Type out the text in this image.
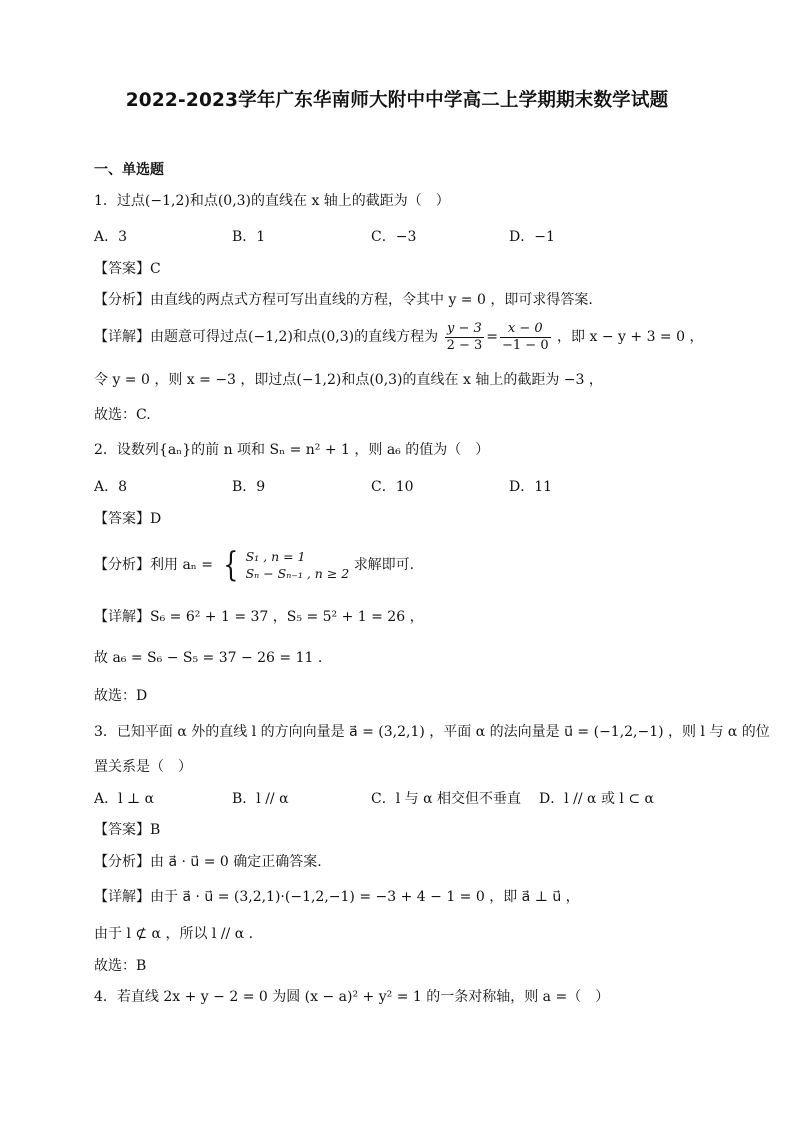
2022-2023学年广东华南师大附中中学高二上学期期末数学试题
一、单选题
1．过点(−1,2)和点(0,3)的直线在 x 轴上的截距为（　）
A．3	B．1	C．−3	D．−1
【答案】C
【分析】由直线的两点式方程可写出直线的方程，令其中 y = 0 ，即可求得答案.
【详解】由题意可得过点(−1,2)和点(0,3)的直线方程为 $\frac{y - 3}{2 - 3} = \frac{x - 0}{-1 - 0}$ ，即 x − y + 3 = 0 ，
令 y = 0 ，则 x = −3 ，即过点(−1,2)和点(0,3)的直线在 x 轴上的截距为 −3 ，
故选：C.
2．设数列{aₙ}的前 n 项和 Sₙ = n² + 1 ，则 a₆ 的值为（　）
A．8	B．9	C．10	D．11
【答案】D
【分析】利用 aₙ = { S₁ , n = 1
Sₙ − Sₙ₋₁ , n ≥ 2
求解即可.
【详解】S₆ = 6² + 1 = 37 ，S₅ = 5² + 1 = 26 ，
故 a₆ = S₆ − S₅ = 37 − 26 = 11 .
故选：D
3．已知平面 α 外的直线 l 的方向向量是 a⃗ = (3,2,1) ，平面 α 的法向量是 u⃗ = (−1,2,−1) ，则 l 与 α 的位
置关系是（　）
A．l ⊥ α	B．l // α	C．l 与 α 相交但不垂直 D．l // α 或 l ⊂ α
【答案】B
【分析】由 a⃗ · u⃗ = 0 确定正确答案.
【详解】由于 a⃗ · u⃗ = (3,2,1)·(−1,2,−1) = −3 + 4 − 1 = 0 ，即 a⃗ ⊥ u⃗ ，
由于 l ⊄ α ，所以 l // α .
故选：B
4．若直线 2x + y − 2 = 0 为圆 (x − a)² + y² = 1 的一条对称轴，则 a =（　）
